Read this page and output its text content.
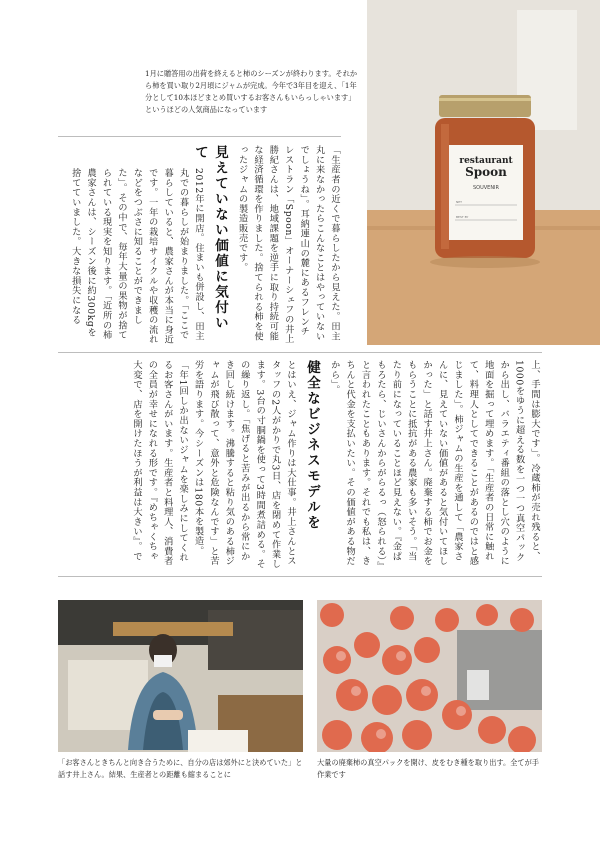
1月に贈答用の出荷を終えると柿のシーズンが終わります。それから柿を買い取り2月頃にジャムが完成。今年で3年目を迎え、「1年分として10本ほどまとめ買いするお客さんもいらっしゃいます」というほどの人気商品になっています
restaurant
Spoon
SOUVENIR
NET
BEST BY
「生産者の近くで暮らしたから見えた。田主丸に来なかったらこんなことはやっていないでしょうね」。耳納連山の麓にあるフレンチレストラン「Spoon」オーナーシェフの井上勝紀さんは、地域課題を逆手に取り持続可能な経済循環を作りました。捨てられる柿を使ったジャムの製造販売です。
見えていない価値に気付いて
2012年に開店。住まいも併設し、田主丸での暮らしが始まりました。「ここで暮らしていると、農家さんが本当に身近です。一年の栽培サイクルや収穫の流れなどをつぶさに知ることができました」。その中で、毎年大量の果物が捨てられている現実を知ります。「近所の柿農家さんは、シーズン後に約300kgを捨てていました。大きな損失になる
上、手間は膨大です」。冷蔵柿が売れ残ると、1000をゆうに超える数を一つ一つ真空パックから出し、バラエティ番組の落とし穴のように地面を掘って埋めます。「生産者の日常に触れて、料理人としてできることがあるのではと感じました」。柿ジャムの生産を通して「農家さんに、見えていない価値があると気付いてほしかった」と話す井上さん。廃棄する柿でお金をもらうことに抵抗がある農家も多いそう。「当たり前になっていることほど見えない。『金ぱもろたら、じいさんからがらるっ（怒られる）』と言われたこともあります。それでも私は、きちんと代金を支払いたい。その価値がある物だから」。
健全なビジネスモデルを
とはいえ、ジャム作りは大仕事。井上さんとスタッフの2人がかりで丸3日、店を閉めて作業します。3台の寸胴鍋を使って3時間煮詰める。その繰り返し。「焦げると苦みが出るから常にかき回し続けます。沸騰すると粘り気のある柿ジャムが飛び散って、意外と危険なんです」と苦労を語ります。今シーズンは180本を製造。「年1回しか出ないジャムを楽しみにしてくれるお客さんがいます。生産者と料理人、消費者の全員が幸せになれる形です。『めちゃくちゃ大変で、店を開けたほうが利益は大きい』。で
「お客さんときちんと向き合うために、自分の店は郊外にと決めていた」と話す井上さん。結果、生産者との距離も縮まることに
大量の廃棄柿の真空パックを開け、皮をむき種を取り出す。全てが手作業です
